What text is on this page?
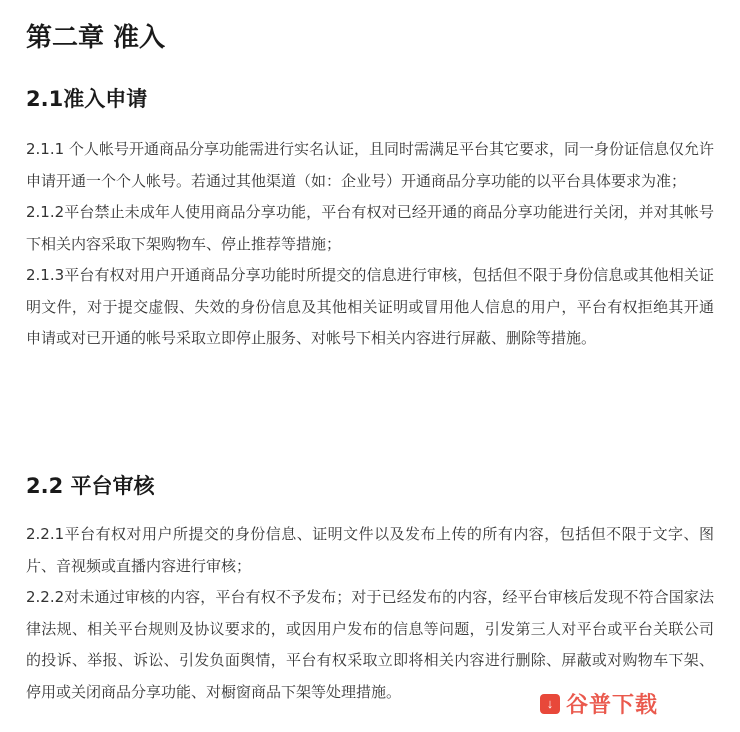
第二章 准入
2.1准入申请

2.1.1 个人帐号开通商品分享功能需进行实名认证，且同时需满足平台其它要求，同一身份证信息仅允许申请开通一个个人帐号。若通过其他渠道（如：企业号）开通商品分享功能的以平台具体要求为准；

2.1.2平台禁止未成年人使用商品分享功能，平台有权对已经开通的商品分享功能进行关闭，并对其帐号下相关内容采取下架购物车、停止推荐等措施；

2.1.3平台有权对用户开通商品分享功能时所提交的信息进行审核，包括但不限于身份信息或其他相关证明文件，对于提交虚假、失效的身份信息及其他相关证明或冒用他人信息的用户，平台有权拒绝其开通申请或对已开通的帐号采取立即停止服务、对帐号下相关内容进行屏蔽、删除等措施。

2.2 平台审核

2.2.1平台有权对用户所提交的身份信息、证明文件以及发布上传的所有内容，包括但不限于文字、图片、音视频或直播内容进行审核；

2.2.2对未通过审核的内容，平台有权不予发布；对于已经发布的内容，经平台审核后发现不符合国家法律法规、相关平台规则及协议要求的，或因用户发布的信息等问题，引发第三人对平台或平台关联公司的投诉、举报、诉讼、引发负面舆情，平台有权采取立即将相关内容进行删除、屏蔽或对购物车下架、停用或关闭商品分享功能、对橱窗商品下架等处理措施。

↓ 谷普下载
